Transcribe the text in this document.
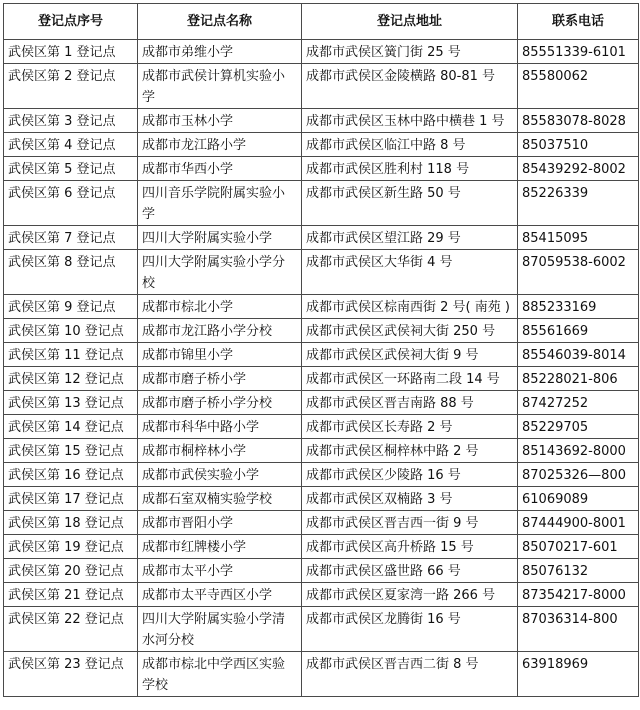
登记点序号	登记点名称	登记点地址	联系电话
武侯区第 1 登记点	成都市弟维小学	成都市武侯区簧门街 25 号	85551339-6101
武侯区第 2 登记点	成都市武侯计算机实验小学	成都市武侯区金陵横路 80-81 号	85580062
武侯区第 3 登记点	成都市玉林小学	成都市武侯区玉林中路中横巷 1 号	85583078-8028
武侯区第 4 登记点	成都市龙江路小学	成都市武侯区临江中路 8 号	85037510
武侯区第 5 登记点	成都市华西小学	成都市武侯区胜利村 118 号	85439292-8002
武侯区第 6 登记点	四川音乐学院附属实验小学	成都市武侯区新生路 50 号	85226339
武侯区第 7 登记点	四川大学附属实验小学	成都市武侯区望江路 29 号	85415095
武侯区第 8 登记点	四川大学附属实验小学分校	成都市武侯区大华街 4 号	87059538-6002
武侯区第 9 登记点	成都市棕北小学	成都市武侯区棕南西街 2 号( 南苑 )	885233169
武侯区第 10 登记点	成都市龙江路小学分校	成都市武侯区武侯祠大街 250 号	85561669
武侯区第 11 登记点	成都市锦里小学	成都市武侯区武侯祠大街 9 号	85546039-8014
武侯区第 12 登记点	成都市磨子桥小学	成都市武侯区一环路南二段 14 号	85228021-806
武侯区第 13 登记点	成都市磨子桥小学分校	成都市武侯区晋吉南路 88 号	87427252
武侯区第 14 登记点	成都市科华中路小学	成都市武侯区长寿路 2 号	85229705
武侯区第 15 登记点	成都市桐梓林小学	成都市武侯区桐梓林中路 2 号	85143692-8000
武侯区第 16 登记点	成都市武侯实验小学	成都市武侯区少陵路 16 号	87025326—800
武侯区第 17 登记点	成都石室双楠实验学校	成都市武侯区双楠路 3 号	61069089
武侯区第 18 登记点	成都市晋阳小学	成都市武侯区晋吉西一街 9 号	87444900-8001
武侯区第 19 登记点	成都市红牌楼小学	成都市武侯区高升桥路 15 号	85070217-601
武侯区第 20 登记点	成都市太平小学	成都市武侯区盛世路 66 号	85076132
武侯区第 21 登记点	成都市太平寺西区小学	成都市武侯区夏家湾一路 266 号	87354217-8000
武侯区第 22 登记点	四川大学附属实验小学清水河分校	成都市武侯区龙腾街 16 号	87036314-800
武侯区第 23 登记点	成都市棕北中学西区实验学校	成都市武侯区晋吉西二街 8 号	63918969
